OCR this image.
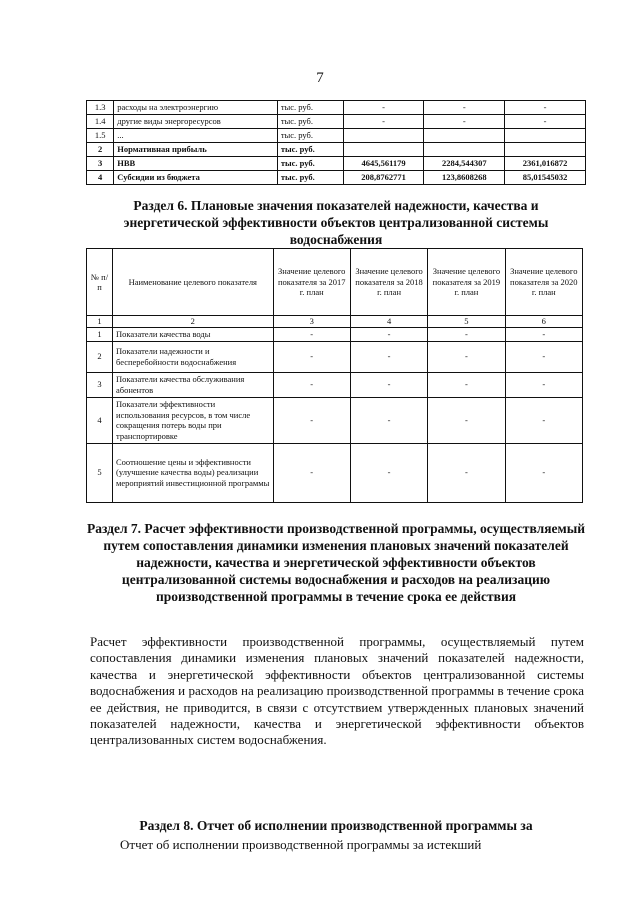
7
1.3	расходы на электроэнергию	тыс. руб.	-	-	-
1.4	другие виды энергоресурсов	тыс. руб.	-	-	-
1.5	...	тыс. руб.			
2	Нормативная прибыль	тыс. руб.			
3	НВВ	тыс. руб.	4645,561179	2284,544307	2361,016872
4	Субсидии из бюджета	тыс. руб.	208,8762771	123,8608268	85,01545032
Раздел 6. Плановые значения показателей надежности, качества и энергетической эффективности объектов централизованной системы водоснабжения
№ п/ п	Наименование целевого показателя	Значение целевого показателя за 2017 г. план	Значение целевого показателя за 2018 г. план	Значение целевого показателя за 2019 г. план	Значение целевого показателя за 2020 г. план
1	2	3	4	5	6
1	Показатели качества воды	-	-	-	-
2	Показатели надежности и бесперебойности водоснабжения	-	-	-	-
3	Показатели качества обслуживания абонентов	-	-	-	-
4	Показатели эффективности использования ресурсов, в том числе сокращения потерь воды при транспортировке	-	-	-	-
5	Соотношение цены и эффективности (улучшение качества воды) реализации мероприятий инвестиционной программы	-	-	-	-
Раздел 7. Расчет эффективности производственной программы, осуществляемый путем сопоставления динамики изменения плановых значений показателей надежности, качества и энергетической эффективности объектов централизованной системы водоснабжения и расходов на реализацию производственной программы в течение срока ее действия
Расчет эффективности производственной программы, осуществляемый путем сопоставления динамики изменения плановых значений показателей надежности, качества и энергетической эффективности объектов централизованной системы водоснабжения и расходов на реализацию производственной программы в течение срока ее действия, не приводится, в связи с отсутствием утвержденных плановых значений показателей надежности, качества и энергетической эффективности объектов централизованных систем водоснабжения.
Раздел 8. Отчет об исполнении производственной программы за
Отчет об исполнении производственной программы за истекший
